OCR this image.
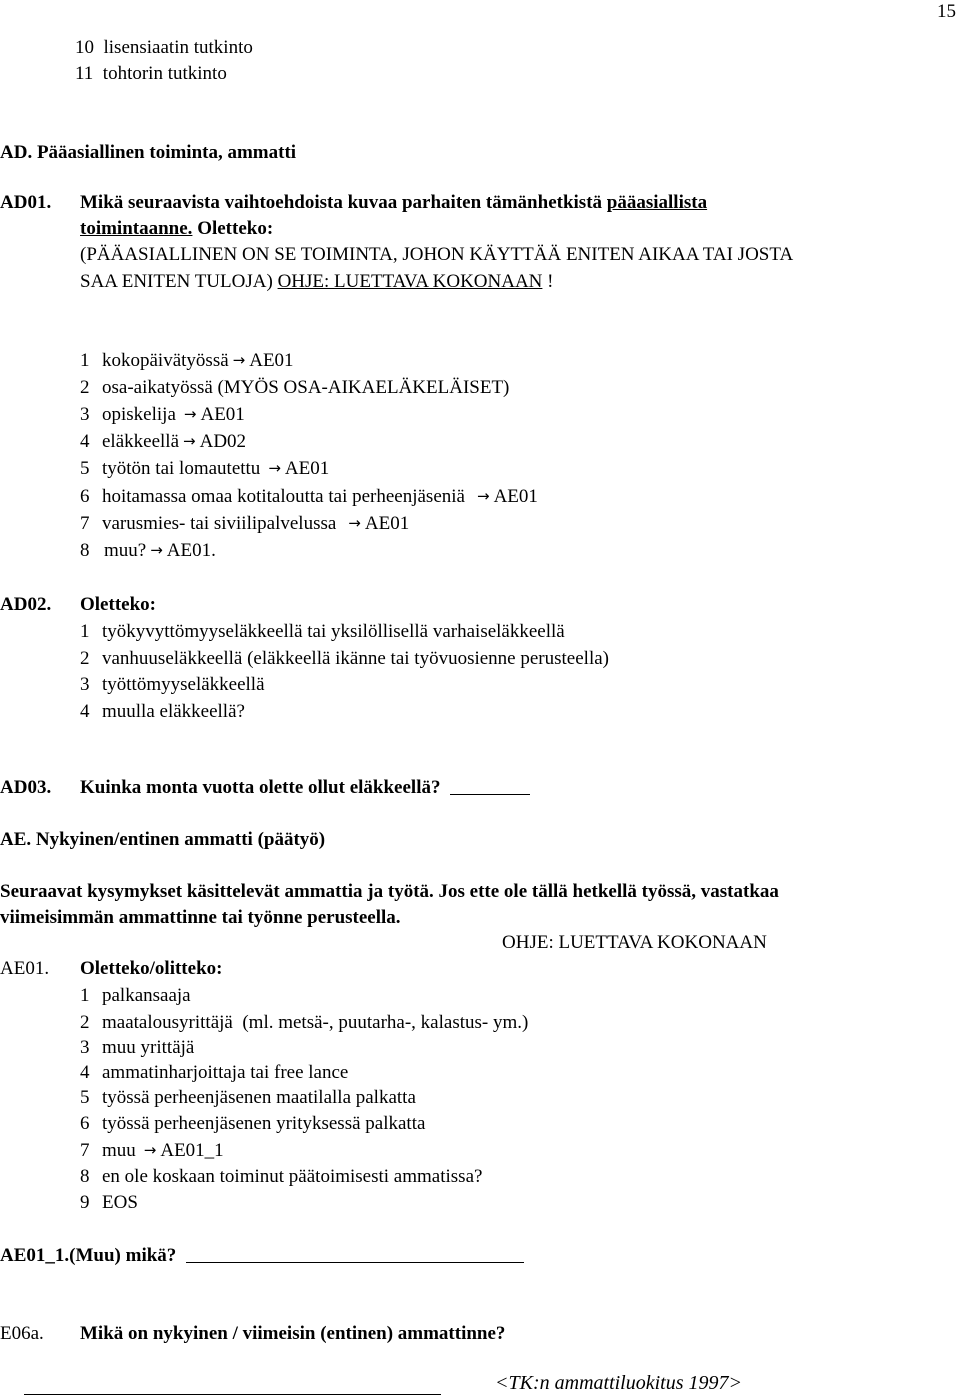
15
10 lisensiaatin tutkinto
11 tohtorin tutkinto
AD. Pääasiallinen toiminta, ammatti
AD01. Mikä seuraavista vaihtoehdoista kuvaa parhaiten tämänhetkistä pääasiallista
toimintaanne. Oletteko:
(PÄÄASIALLINEN ON SE TOIMINTA, JOHON KÄYTTÄÄ ENITEN AIKAA TAI JOSTA
SAA ENITEN TULOJA) OHJE: LUETTAVA KOKONAAN !
1 kokopäivätyössä → AE01
2 osa-aikatyössä (MYÖS OSA-AIKAELÄKELÄISET)
3 opiskelija → AE01
4 eläkkeellä → AD02
5 työtön tai lomautettu → AE01
6 hoitamassa omaa kotitaloutta tai perheenjäseniä → AE01
7 varusmies- tai siviilipalvelussa → AE01
8 muu? → AE01.
AD02. Oletteko:
1 työkyvyttömyyseläkkeellä tai yksilöllisellä varhaiseläkkeellä
2 vanhuuseläkkeellä (eläkkeellä ikänne tai työvuosienne perusteella)
3 työttömyyseläkkeellä
4 muulla eläkkeellä?
AD03. Kuinka monta vuotta olette ollut eläkkeellä?
AE. Nykyinen/entinen ammatti (päätyö)
Seuraavat kysymykset käsittelevät ammattia ja työtä. Jos ette ole tällä hetkellä työssä, vastatkaa
viimeisimmän ammattinne tai työnne perusteella.
OHJE: LUETTAVA KOKONAAN
AE01. Oletteko/olitteko:
1 palkansaaja
2 maatalousyrittäjä  (ml. metsä-, puutarha-, kalastus- ym.)
3 muu yrittäjä
4 ammatinharjoittaja tai free lance
5 työssä perheenjäsenen maatilalla palkatta
6 työssä perheenjäsenen yrityksessä palkatta
7 muu → AE01_1
8 en ole koskaan toiminut päätoimisesti ammatissa?
9 EOS
AE01_1.(Muu) mikä?
E06a. Mikä on nykyinen / viimeisin (entinen) ammattinne?
<TK:n ammattiluokitus 1997>
